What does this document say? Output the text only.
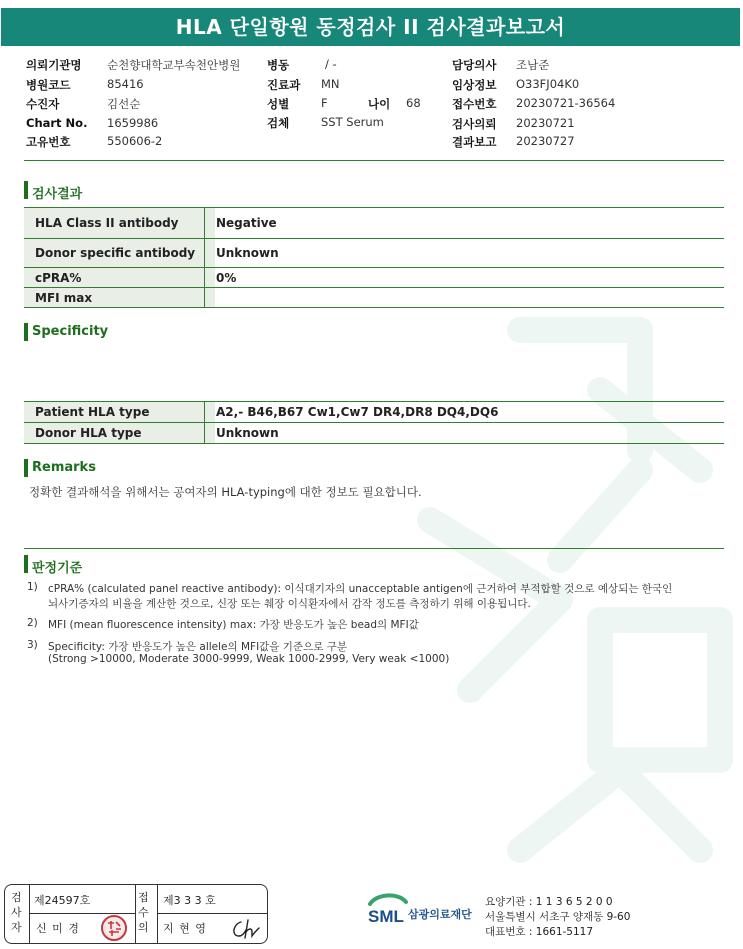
HLA 단일항원 동정검사 II 검사결과보고서
의뢰기관명 순천향대학교부속천안병원
병원코드	85416
수진자	김선순
Chart No. 1659986
고유번호	550606-2
병동	/ -
진료과 MN
성별	F	나이 68
검체	SST Serum
담당의사 조남준
임상정보 O33FJ04K0
접수번호 20230721-36564
검사의뢰 20230721
결과보고 20230727
검사결과
HLA Class II antibody	Negative
Donor specific antibody	Unknown
cPRA%	0%
MFI max
Specificity
Patient HLA type	A2,- B46,B67 Cw1,Cw7 DR4,DR8 DQ4,DQ6
Donor HLA type	Unknown
Remarks
정확한 결과해석을 위해서는 공여자의 HLA-typing에 대한 정보도 필요합니다.
판정기준
1) cPRA% (calculated panel reactive antibody): 이식대기자의 unacceptable antigen에 근거하여 부적합할 것으로 예상되는 한국인
뇌사기증자의 비율을 계산한 것으로, 신장 또는 췌장 이식환자에서 감작 정도를 측정하기 위해 이용됩니다.
2) MFI (mean fluorescence intensity) max: 가장 반응도가 높은 bead의 MFI값
3) Specificity: 가장 반응도가 높은 allele의 MFI값을 기준으로 구분
(Strong >10000, Moderate 3000-9999, Weak 1000-2999, Very weak <1000)
검사자
접수의
제24597호
신 미 경
제3 3 3 호
지 현 영
SML 삼광의료재단
요양기관 : 1 1 3 6 5 2 0 0
서울특별시 서초구 양재동 9-60
대표번호 : 1661-5117
